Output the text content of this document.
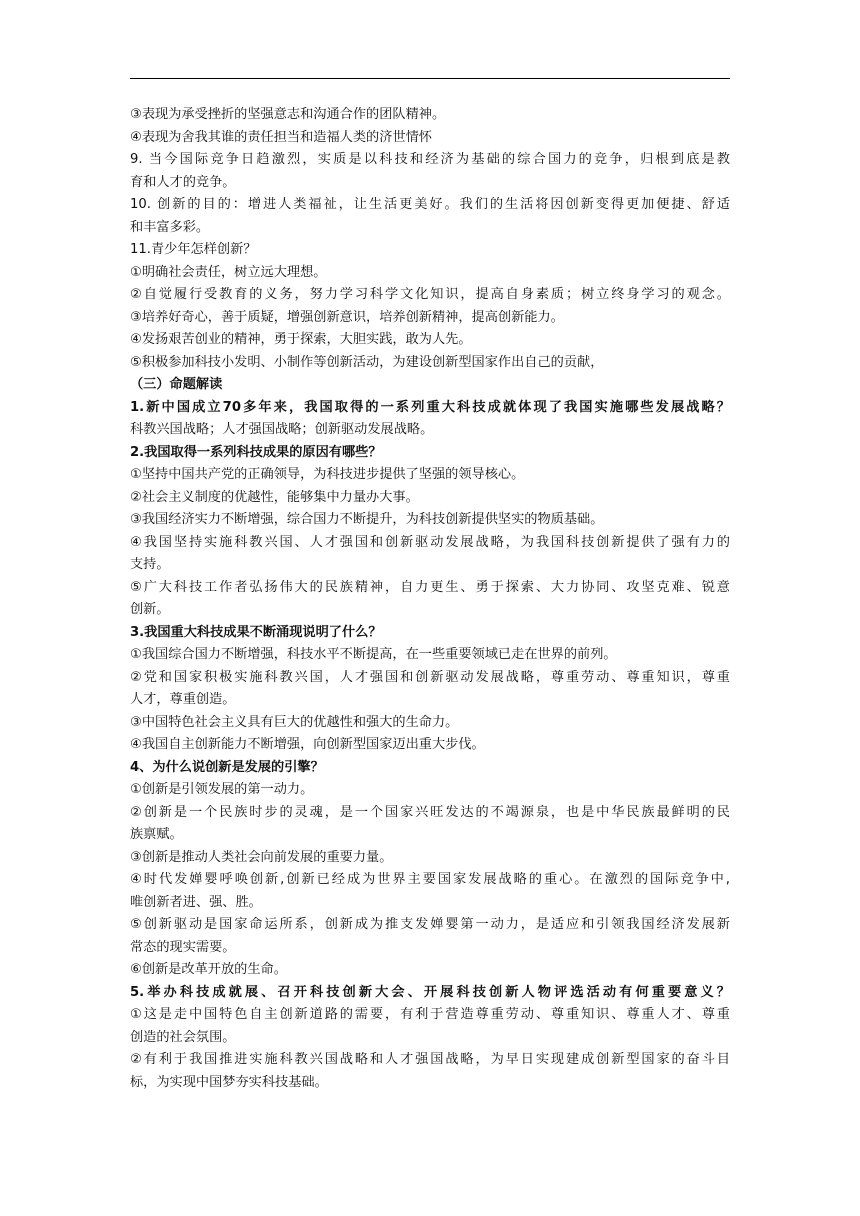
③表现为承受挫折的坚强意志和沟通合作的团队精神。
④表现为舍我其谁的责任担当和造福人类的济世情怀
9. 当今国际竞争日趋激烈，实质是以科技和经济为基础的综合国力的竞争，归根到底是教
育和人才的竞争。
10. 创新的目的：增进人类福祉，让生活更美好。我们的生活将因创新变得更加便捷、舒适
和丰富多彩。
11.青少年怎样创新？
①明确社会责任，树立远大理想。
②自觉履行受教育的义务，努力学习科学文化知识，提高自身素质；树立终身学习的观念。
③培养好奇心，善于质疑，增强创新意识，培养创新精神，提高创新能力。
④发扬艰苦创业的精神，勇于探索，大胆实践，敢为人先。
⑤积极参加科技小发明、小制作等创新活动，为建设创新型国家作出自己的贡献，
（三）命题解读
1.新中国成立70多年来，我国取得的一系列重大科技成就体现了我国实施哪些发展战略？
科教兴国战略；人才强国战略；创新驱动发展战略。
2.我国取得一系列科技成果的原因有哪些？
①坚持中国共产党的正确领导，为科技进步提供了坚强的领导核心。
②社会主义制度的优越性，能够集中力量办大事。
③我国经济实力不断增强，综合国力不断提升，为科技创新提供坚实的物质基础。
④我国坚持实施科教兴国、人才强国和创新驱动发展战略，为我国科技创新提供了强有力的
支持。
⑤广大科技工作者弘扬伟大的民族精神，自力更生、勇于探索、大力协同、攻坚克难、锐意
创新。
3.我国重大科技成果不断涌现说明了什么？
①我国综合国力不断增强，科技水平不断提高，在一些重要领域已走在世界的前列。
②党和国家积极实施科教兴国，人才强国和创新驱动发展战略，尊重劳动、尊重知识，尊重
人才，尊重创造。
③中国特色社会主义具有巨大的优越性和强大的生命力。
④我国自主创新能力不断增强，向创新型国家迈出重大步伐。
4、为什么说创新是发展的引擎？
①创新是引领发展的第一动力。
②创新是一个民族时步的灵魂，是一个国家兴旺发达的不竭源泉，也是中华民族最鲜明的民
族禀赋。
③创新是推动人类社会向前发展的重要力量。
④时代发婵婴呼唤创新,创新已经成为世界主要国家发展战略的重心。在激烈的国际竞争中,
唯创新者进、强、胜。
⑤创新驱动是国家命运所系，创新成为推支发婵婴第一动力，是适应和引领我国经济发展新
常态的现实需要。
⑥创新是改革开放的生命。
5.举办科技成就展、召开科技创新大会、开展科技创新人物评选活动有何重要意义？
①这是走中国特色自主创新道路的需要，有利于营造尊重劳动、尊重知识、尊重人才、尊重
创造的社会氛围。
②有利于我国推进实施科教兴国战略和人才强国战略，为早日实现建成创新型国家的奋斗目
标，为实现中国梦夯实科技基础。
